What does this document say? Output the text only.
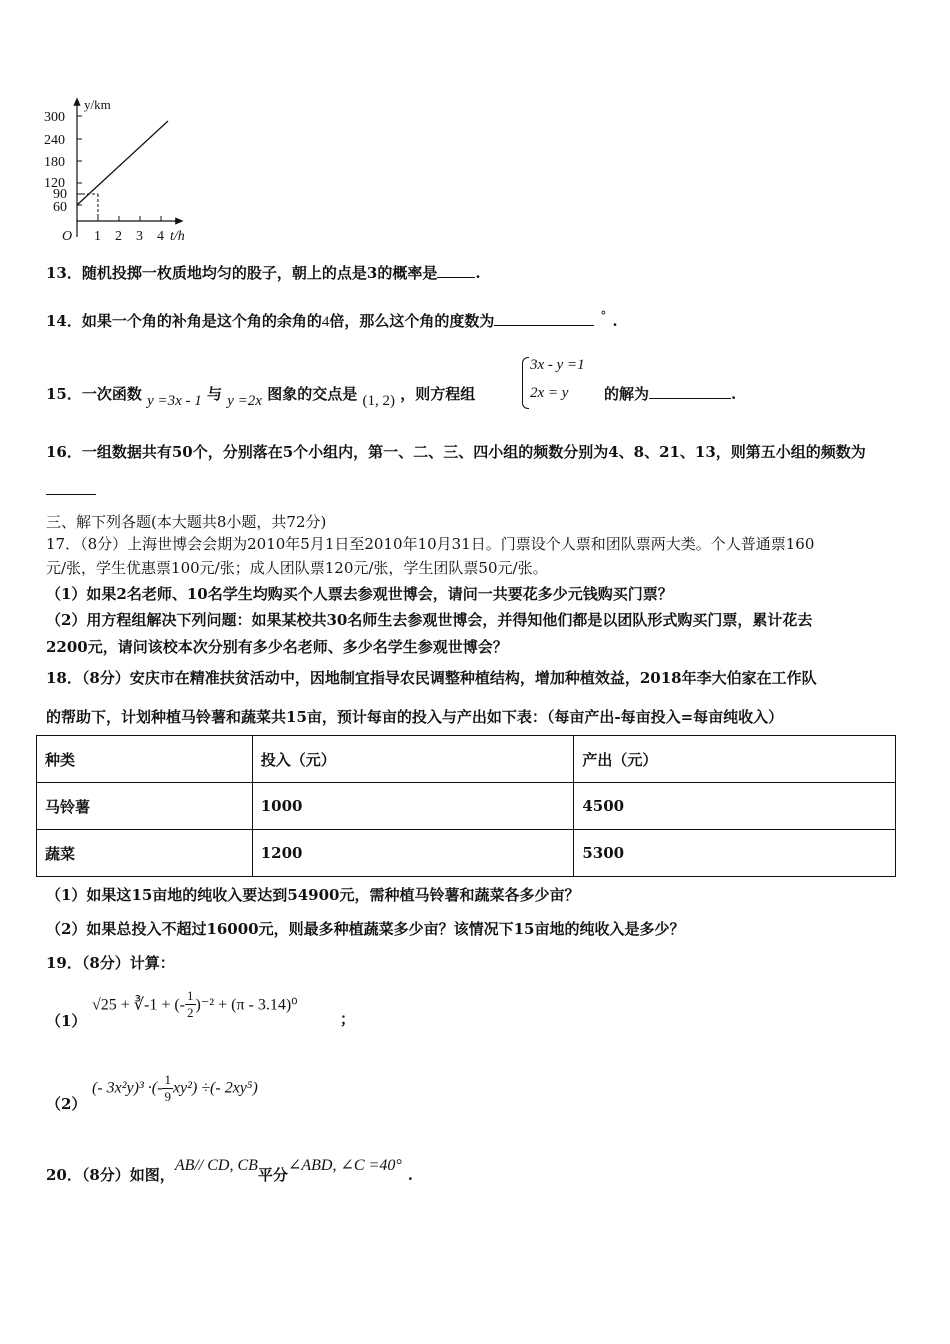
y/km
300
240
180
120
90
60
O 1 2 3 4 t/h
13．随机投掷一枚质地均匀的股子，朝上的点是3的概率是	.
14．如果一个角的补角是这个角的余角的4倍，那么这个角的度数为	° .
15．一次函数 y =3x - 1 与 y =2x 图象的交点是 (1, 2) ，则方程组
3x - y =1
2x = y 的解为	.
16．一组数据共有50个，分别落在5个小组内，第一、二、三、四小组的频数分别为4、8、21、13，则第五小组的频数为
三、解下列各题(本大题共8小题，共72分)
17．（8分）上海世博会会期为2010年5月1日至2010年10月31日。门票设个人票和团队票两大类。个人普通票160
元/张，学生优惠票100元/张；成人团队票120元/张，学生团队票50元/张。
（1）如果2名老师、10名学生均购买个人票去参观世博会，请问一共要花多少元钱购买门票？
（2）用方程组解决下列问题：如果某校共30名师生去参观世博会，并得知他们都是以团队形式购买门票，累计花去
2200元，请问该校本次分别有多少名老师、多少名学生参观世博会？
18．（8分）安庆市在精准扶贫活动中，因地制宜指导农民调整种植结构，增加种植效益，2018年李大伯家在工作队
的帮助下，计划种植马铃薯和蔬菜共15亩，预计每亩的投入与产出如下表：（每亩产出-每亩投入=每亩纯收入）
种类	投入（元）	产出（元）
马铃薯	1000	4500
蔬菜	1200	5300
（1）如果这15亩地的纯收入要达到54900元，需种植马铃薯和蔬菜各多少亩？
（2）如果总投入不超过16000元，则最多种植蔬菜多少亩？该情况下15亩地的纯收入是多少？
19．（8分）计算：
（1）
√25 + ∛-1 + (- $\frac{1}{2} )^{-2} + (\pi - 3.14)^0$
；
（2）
(- 3x²y)³ ·(- $\frac{1}{9} xy^2$) ÷(- 2xy⁵)
20．（8分）如图，AB// CD, CB平分∠ABD, ∠C =40°.
